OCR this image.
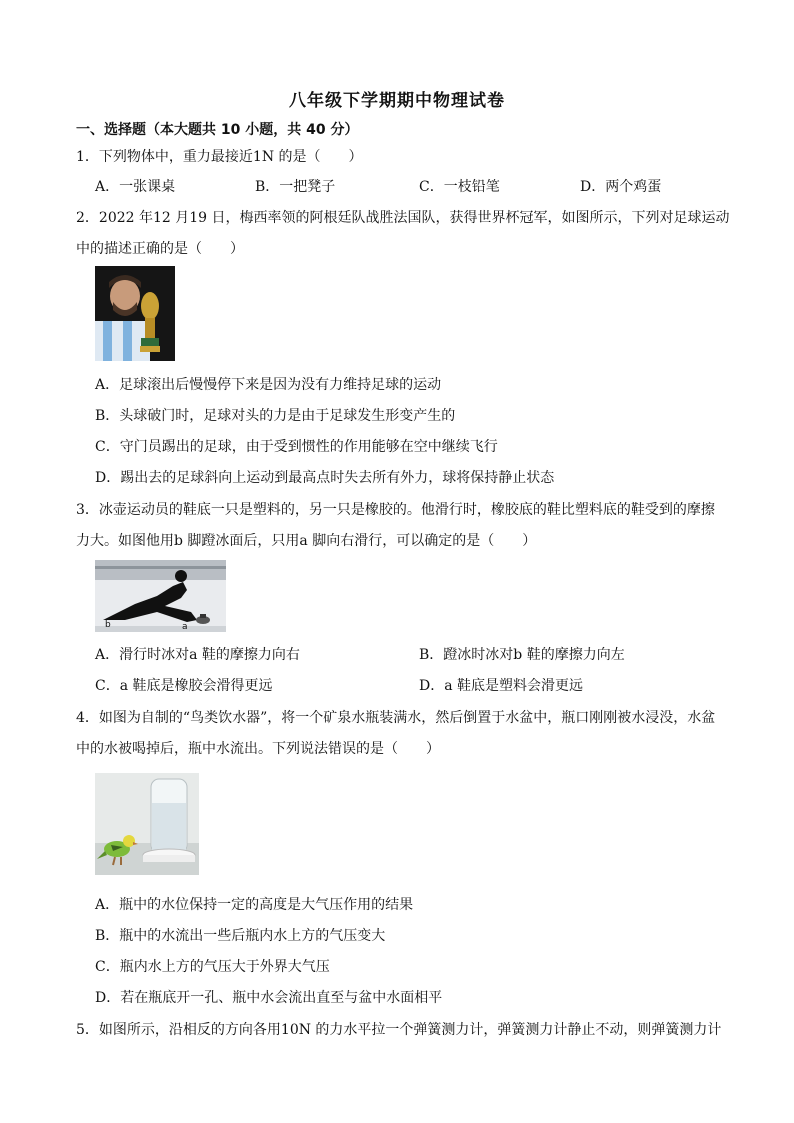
八年级下学期期中物理试卷
一、选择题（本大题共 10 小题，共 40 分）
1．下列物体中，重力最接近1N 的是（　　）
A．一张课桌	B．一把凳子	C．一枝铅笔	D．两个鸡蛋
2．2022 年12 月19 日，梅西率领的阿根廷队战胜法国队，获得世界杯冠军，如图所示，下列对足球运动
中的描述正确的是（　　）
A．足球滚出后慢慢停下来是因为没有力维持足球的运动
B．头球破门时，足球对头的力是由于足球发生形变产生的
C．守门员踢出的足球，由于受到惯性的作用能够在空中继续飞行
D．踢出去的足球斜向上运动到最高点时失去所有外力，球将保持静止状态
3．冰壶运动员的鞋底一只是塑料的，另一只是橡胶的。他滑行时，橡胶底的鞋比塑料底的鞋受到的摩擦
力大。如图他用b 脚蹬冰面后，只用a 脚向右滑行，可以确定的是（　　）
b	a
A．滑行时冰对a 鞋的摩擦力向右	B．蹬冰时冰对b 鞋的摩擦力向左
C．a 鞋底是橡胶会滑得更远	D．a 鞋底是塑料会滑更远
4．如图为自制的“鸟类饮水器”，将一个矿泉水瓶装满水，然后倒置于水盆中，瓶口刚刚被水浸没，水盆
中的水被喝掉后，瓶中水流出。下列说法错误的是（　　）
A．瓶中的水位保持一定的高度是大气压作用的结果
B．瓶中的水流出一些后瓶内水上方的气压变大
C．瓶内水上方的气压大于外界大气压
D．若在瓶底开一孔、瓶中水会流出直至与盆中水面相平
5．如图所示，沿相反的方向各用10N 的力水平拉一个弹簧测力计，弹簧测力计静止不动，则弹簧测力计
